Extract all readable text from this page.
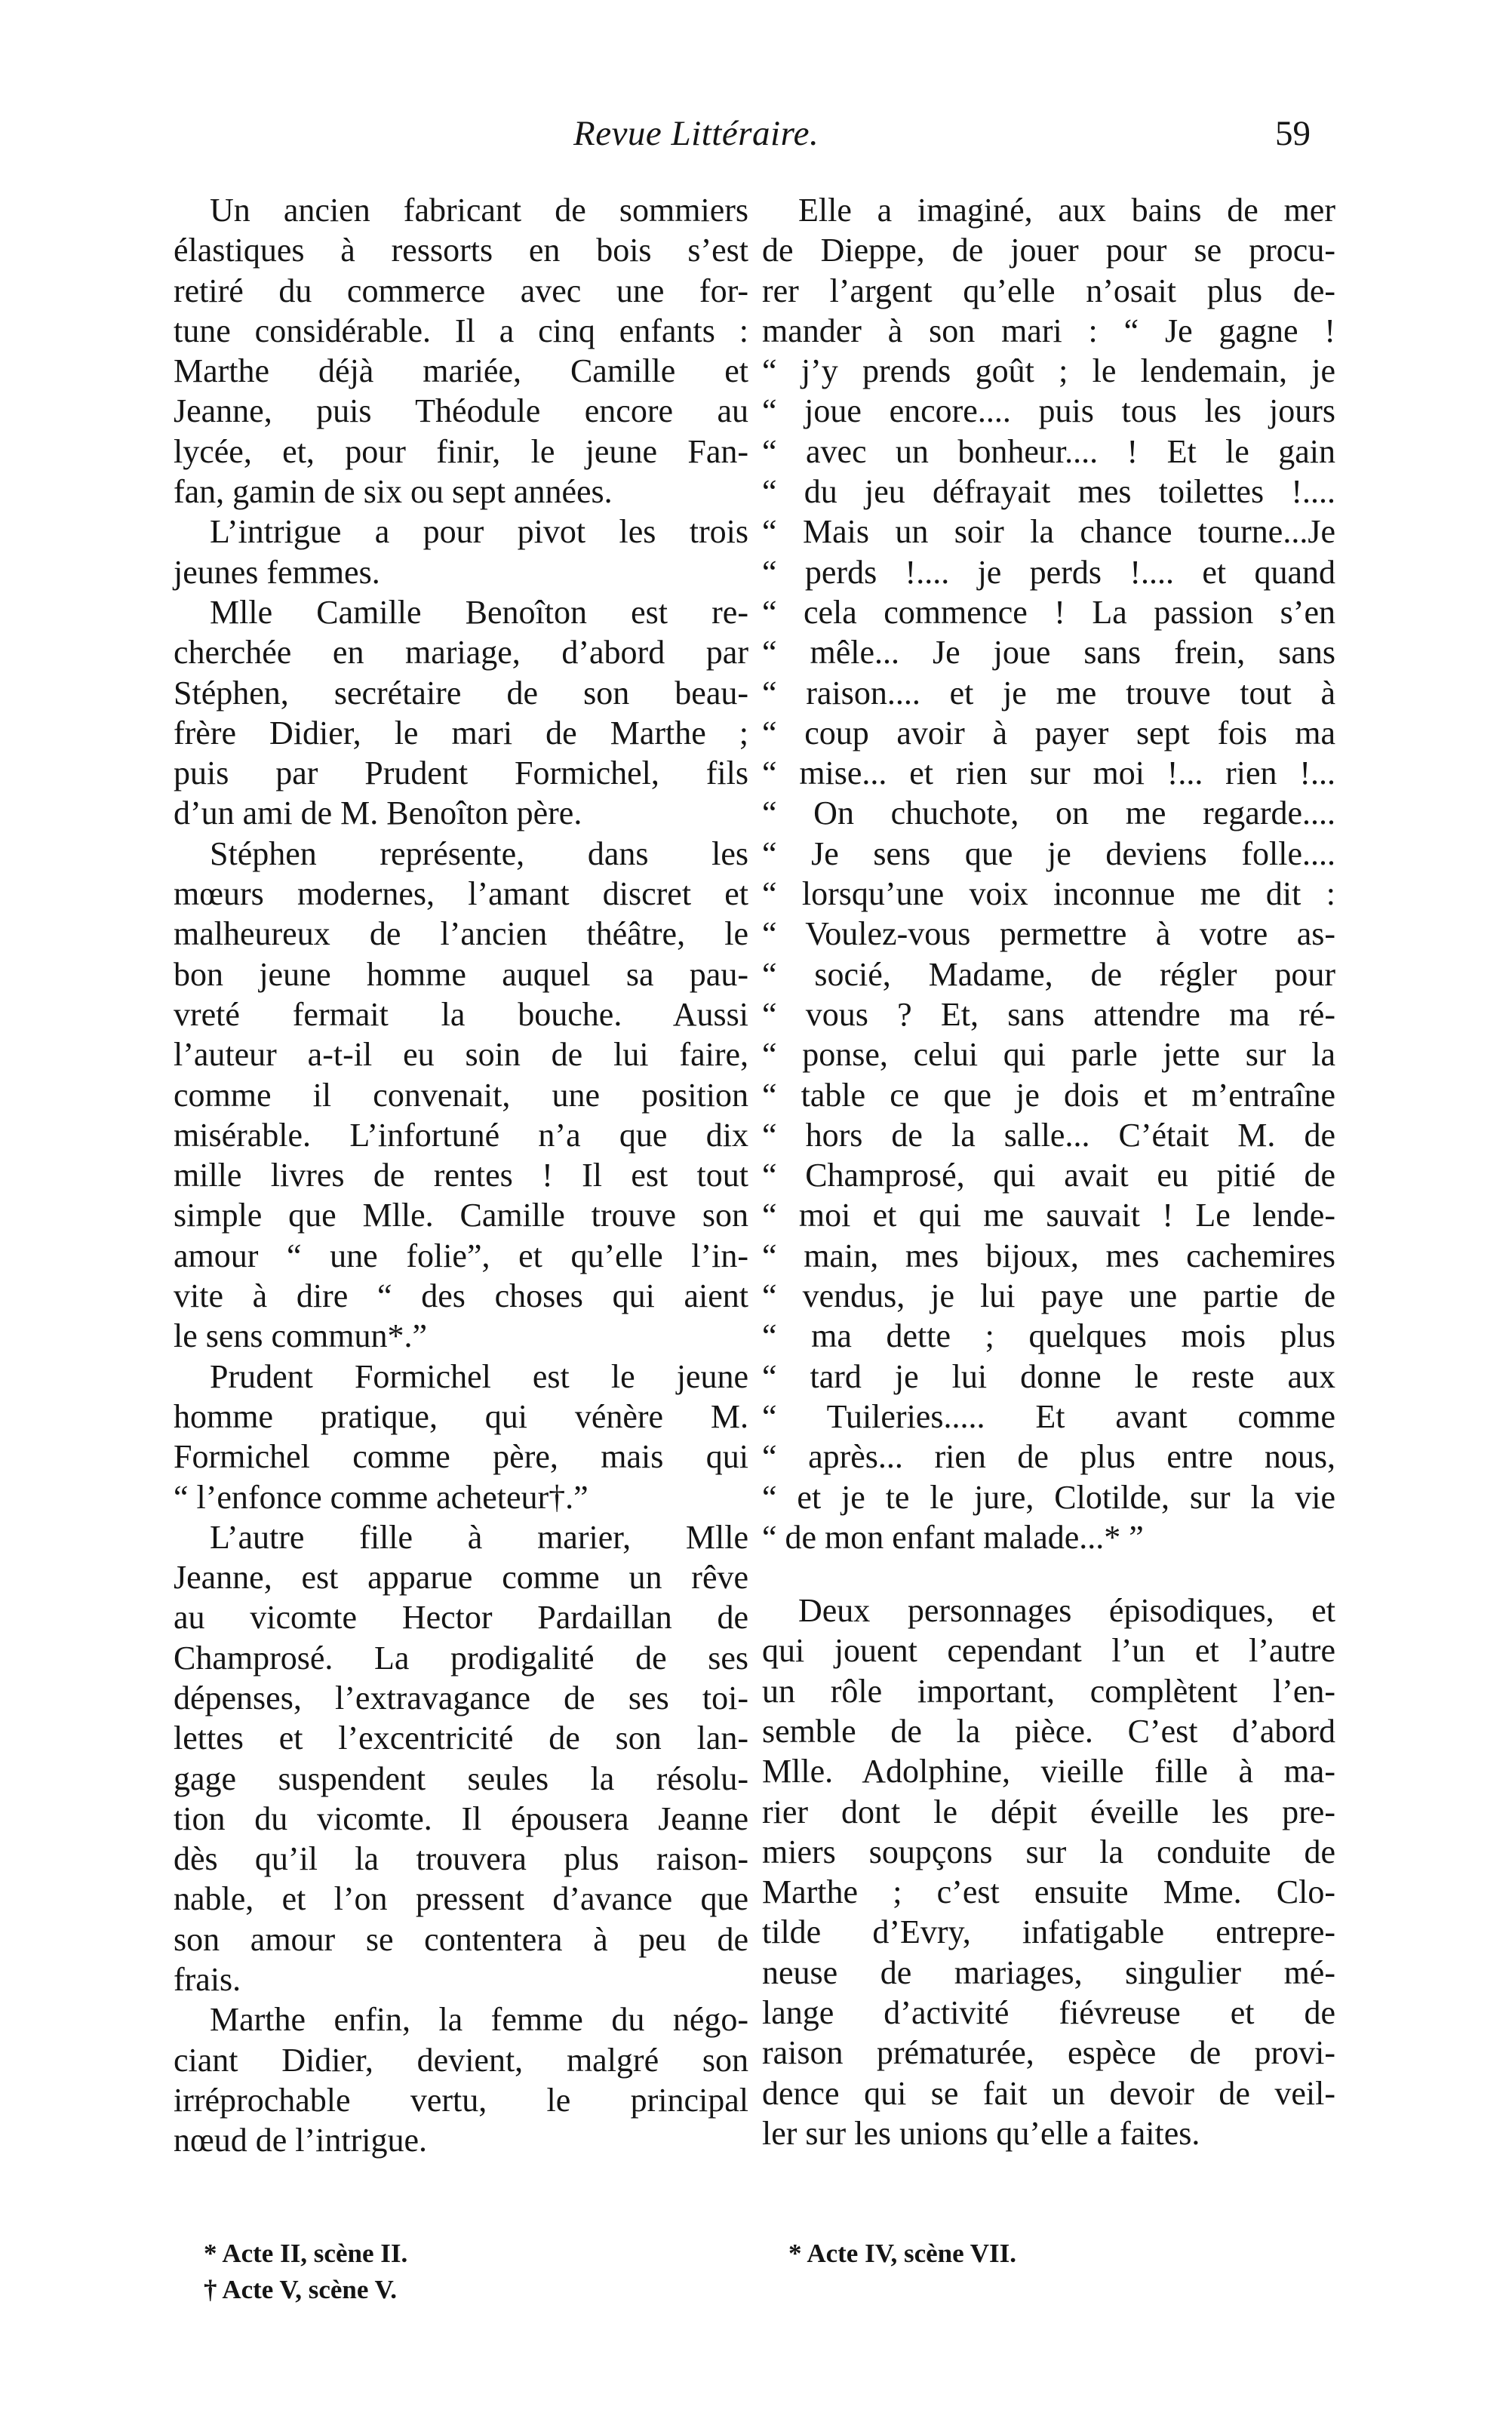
Revue Littéraire.	59
Un ancien fabricant de sommiers
élastiques à ressorts en bois s’est
retiré du commerce avec une for-
tune considérable. Il a cinq enfants :
Marthe déjà mariée, Camille et
Jeanne, puis Théodule encore au
lycée, et, pour finir, le jeune Fan-
fan, gamin de six ou sept années.
L’intrigue a pour pivot les trois
jeunes femmes.
Mlle Camille Benoîton est re-
cherchée en mariage, d’abord par
Stéphen, secrétaire de son beau-
frère Didier, le mari de Marthe ;
puis par Prudent Formichel, fils
d’un ami de M. Benoîton père.
Stéphen représente, dans les
mœurs modernes, l’amant discret et
malheureux de l’ancien théâtre, le
bon jeune homme auquel sa pau-
vreté fermait la bouche. Aussi
l’auteur a-t-il eu soin de lui faire,
comme il convenait, une position
misérable. L’infortuné n’a que dix
mille livres de rentes ! Il est tout
simple que Mlle. Camille trouve son
amour “ une folie”, et qu’elle l’in-
vite à dire “ des choses qui aient
le sens commun*.”
Prudent Formichel est le jeune
homme pratique, qui vénère M.
Formichel comme père, mais qui
“ l’enfonce comme acheteur†.”
L’autre fille à marier, Mlle
Jeanne, est apparue comme un rêve
au vicomte Hector Pardaillan de
Champrosé. La prodigalité de ses
dépenses, l’extravagance de ses toi-
lettes et l’excentricité de son lan-
gage suspendent seules la résolu-
tion du vicomte. Il épousera Jeanne
dès qu’il la trouvera plus raison-
nable, et l’on pressent d’avance que
son amour se contentera à peu de
frais.
Marthe enfin, la femme du négo-
ciant Didier, devient, malgré son
irréprochable vertu, le principal
nœud de l’intrigue.
Elle a imaginé, aux bains de mer
de Dieppe, de jouer pour se procu-
rer l’argent qu’elle n’osait plus de-
mander à son mari : “ Je gagne !
“ j’y prends goût ; le lendemain, je
“ joue encore.... puis tous les jours
“ avec un bonheur.... ! Et le gain
“ du jeu défrayait mes toilettes !....
“ Mais un soir la chance tourne...Je
“ perds !.... je perds !.... et quand
“ cela commence ! La passion s’en
“ mêle... Je joue sans frein, sans
“ raison.... et je me trouve tout à
“ coup avoir à payer sept fois ma
“ mise... et rien sur moi !... rien !...
“ On chuchote, on me regarde....
“ Je sens que je deviens folle....
“ lorsqu’une voix inconnue me dit :
“ Voulez-vous permettre à votre as-
“ socié, Madame, de régler pour
“ vous ? Et, sans attendre ma ré-
“ ponse, celui qui parle jette sur la
“ table ce que je dois et m’entraîne
“ hors de la salle... C’était M. de
“ Champrosé, qui avait eu pitié de
“ moi et qui me sauvait ! Le lende-
“ main, mes bijoux, mes cachemires
“ vendus, je lui paye une partie de
“ ma dette ; quelques mois plus
“ tard je lui donne le reste aux
“ Tuileries..... Et avant comme
“ après... rien de plus entre nous,
“ et je te le jure, Clotilde, sur la vie
“ de mon enfant malade...* ”
Deux personnages épisodiques, et
qui jouent cependant l’un et l’autre
un rôle important, complètent l’en-
semble de la pièce. C’est d’abord
Mlle. Adolphine, vieille fille à ma-
rier dont le dépit éveille les pre-
miers soupçons sur la conduite de
Marthe ; c’est ensuite Mme. Clo-
tilde d’Evry, infatigable entrepre-
neuse de mariages, singulier mé-
lange d’activité fiévreuse et de
raison prématurée, espèce de provi-
dence qui se fait un devoir de veil-
ler sur les unions qu’elle a faites.
* Acte II, scène II.
† Acte V, scène V.
* Acte IV, scène VII.
